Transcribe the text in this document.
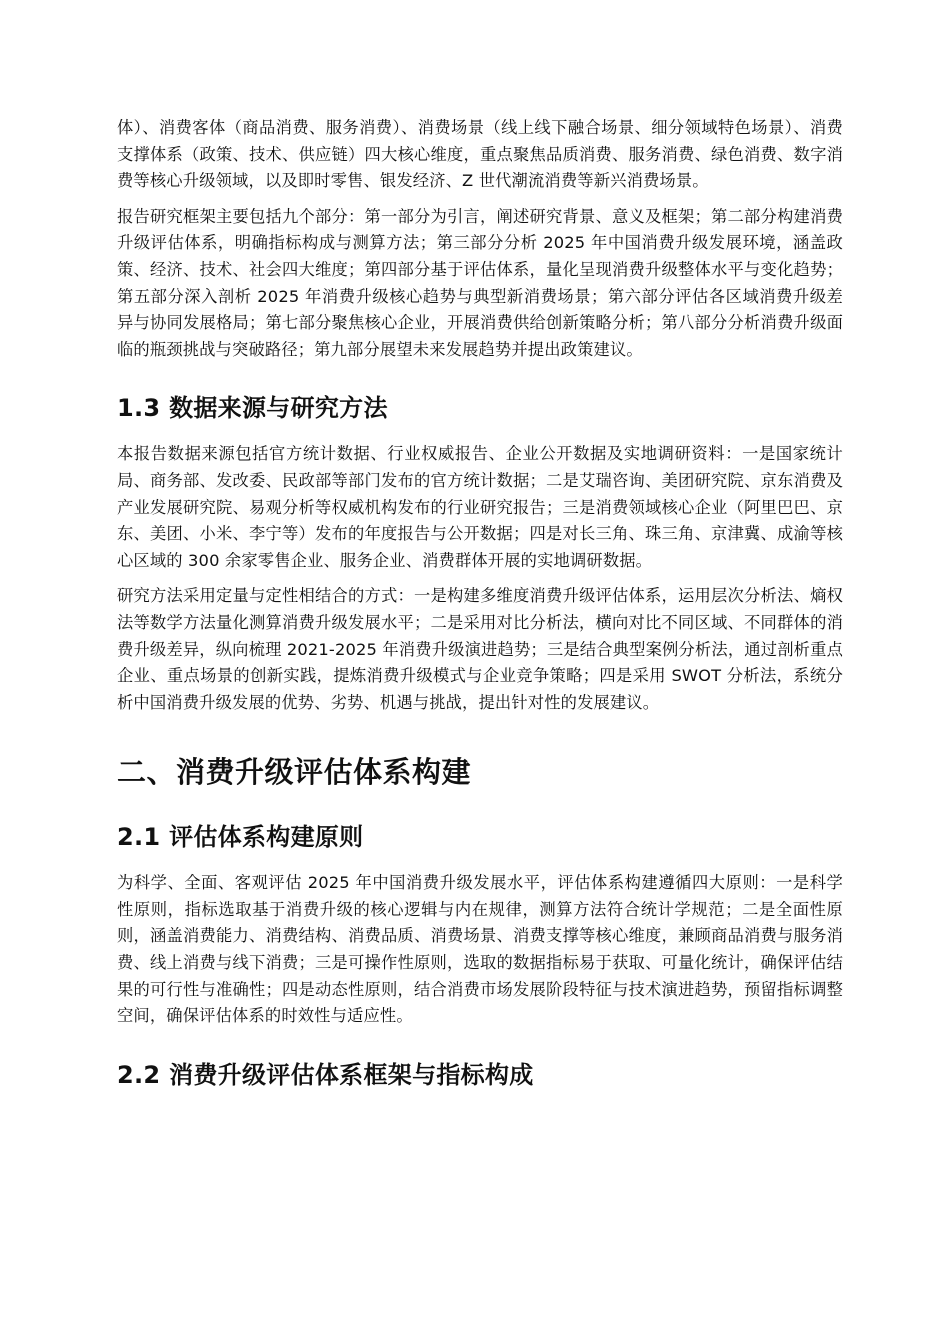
体）、消费客体（商品消费、服务消费）、消费场景（线上线下融合场景、细分领域特色场景）、消费支撑体系（政策、技术、供应链）四大核心维度，重点聚焦品质消费、服务消费、绿色消费、数字消费等核心升级领域，以及即时零售、银发经济、Z 世代潮流消费等新兴消费场景。

报告研究框架主要包括九个部分：第一部分为引言，阐述研究背景、意义及框架；第二部分构建消费升级评估体系，明确指标构成与测算方法；第三部分分析 2025 年中国消费升级发展环境，涵盖政策、经济、技术、社会四大维度；第四部分基于评估体系，量化呈现消费升级整体水平与变化趋势；第五部分深入剖析 2025 年消费升级核心趋势与典型新消费场景；第六部分评估各区域消费升级差异与协同发展格局；第七部分聚焦核心企业，开展消费供给创新策略分析；第八部分分析消费升级面临的瓶颈挑战与突破路径；第九部分展望未来发展趋势并提出政策建议。

1.3 数据来源与研究方法

本报告数据来源包括官方统计数据、行业权威报告、企业公开数据及实地调研资料：一是国家统计局、商务部、发改委、民政部等部门发布的官方统计数据；二是艾瑞咨询、美团研究院、京东消费及产业发展研究院、易观分析等权威机构发布的行业研究报告；三是消费领域核心企业（阿里巴巴、京东、美团、小米、李宁等）发布的年度报告与公开数据；四是对长三角、珠三角、京津冀、成渝等核心区域的 300 余家零售企业、服务企业、消费群体开展的实地调研数据。

研究方法采用定量与定性相结合的方式：一是构建多维度消费升级评估体系，运用层次分析法、熵权法等数学方法量化测算消费升级发展水平；二是采用对比分析法，横向对比不同区域、不同群体的消费升级差异，纵向梳理 2021-2025 年消费升级演进趋势；三是结合典型案例分析法，通过剖析重点企业、重点场景的创新实践，提炼消费升级模式与企业竞争策略；四是采用 SWOT 分析法，系统分析中国消费升级发展的优势、劣势、机遇与挑战，提出针对性的发展建议。

二、消费升级评估体系构建
2.1 评估体系构建原则

为科学、全面、客观评估 2025 年中国消费升级发展水平，评估体系构建遵循四大原则：一是科学性原则，指标选取基于消费升级的核心逻辑与内在规律，测算方法符合统计学规范；二是全面性原则，涵盖消费能力、消费结构、消费品质、消费场景、消费支撑等核心维度，兼顾商品消费与服务消费、线上消费与线下消费；三是可操作性原则，选取的数据指标易于获取、可量化统计，确保评估结果的可行性与准确性；四是动态性原则，结合消费市场发展阶段特征与技术演进趋势，预留指标调整空间，确保评估体系的时效性与适应性。

2.2 消费升级评估体系框架与指标构成
